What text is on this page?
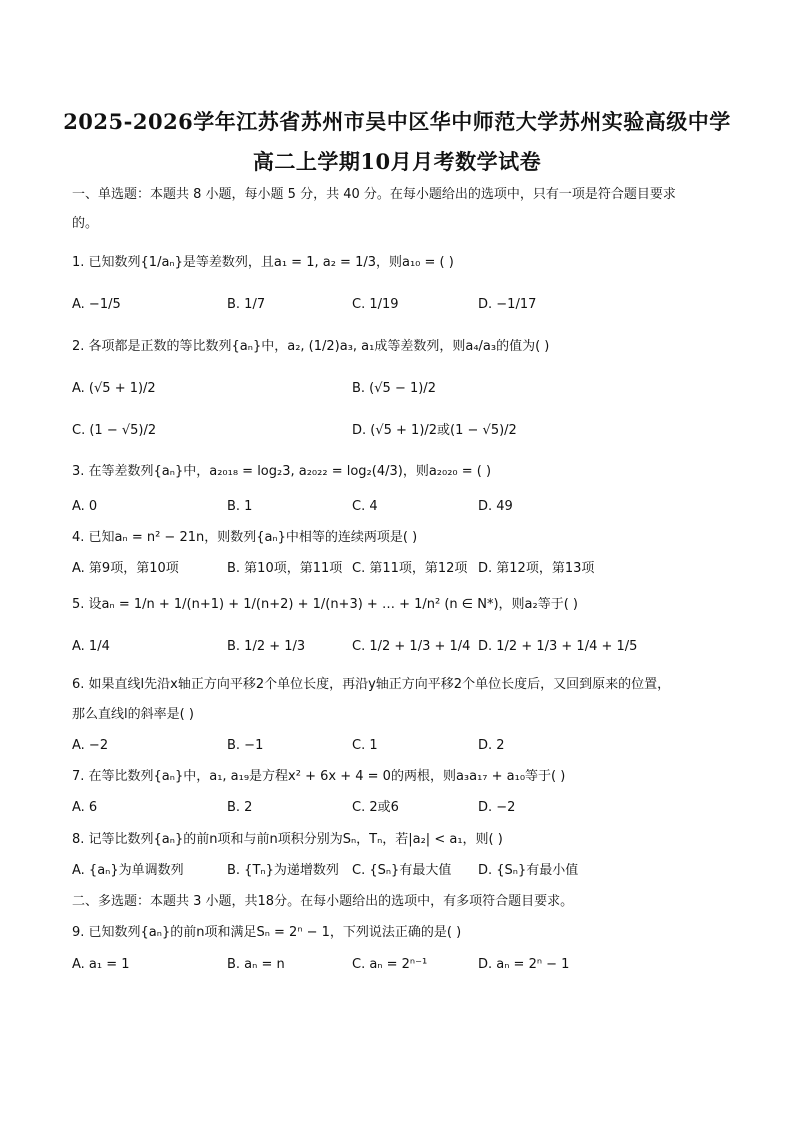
2025-2026学年江苏省苏州市吴中区华中师范大学苏州实验高级中学
高二上学期10月月考数学试卷
一、单选题：本题共 8 小题，每小题 5 分，共 40 分。在每小题给出的选项中，只有一项是符合题目要求
的。
1. 已知数列{1/aₙ}是等差数列，且a₁ = 1, a₂ = 1/3，则a₁₀ = ( )
A. −1/5	B. 1/7	C. 1/19	D. −1/17
2. 各项都是正数的等比数列{aₙ}中，a₂, (1/2)a₃, a₁成等差数列，则a₄/a₃的值为( )
A. (√5 + 1)/2	B. (√5 − 1)/2
C. (1 − √5)/2	D. (√5 + 1)/2或(1 − √5)/2
3. 在等差数列{aₙ}中，a₂₀₁₈ = log₂3, a₂₀₂₂ = log₂(4/3)，则a₂₀₂₀ = ( )
A. 0	B. 1	C. 4	D. 49
4. 已知aₙ = n² − 21n，则数列{aₙ}中相等的连续两项是( )
A. 第9项，第10项	B. 第10项，第11项 C. 第11项，第12项 D. 第12项，第13项
5. 设aₙ = 1/n + 1/(n+1) + 1/(n+2) + 1/(n+3) + … + 1/n² (n ∈ N*)，则a₂等于( )
A. 1/4	B. 1/2 + 1/3	C. 1/2 + 1/3 + 1/4 D. 1/2 + 1/3 + 1/4 + 1/5
6. 如果直线l先沿x轴正方向平移2个单位长度，再沿y轴正方向平移2个单位长度后，又回到原来的位置，
那么直线l的斜率是( )
A. −2	B. −1	C. 1	D. 2
7. 在等比数列{aₙ}中，a₁, a₁₉是方程x² + 6x + 4 = 0的两根，则a₃a₁₇ + a₁₀等于( )
A. 6	B. 2	C. 2或6	D. −2
8. 记等比数列{aₙ}的前n项和与前n项积分别为Sₙ，Tₙ，若|a₂| < a₁，则( )
A. {aₙ}为单调数列	B. {Tₙ}为递增数列 C. {Sₙ}有最大值 D. {Sₙ}有最小值
二、多选题：本题共 3 小题，共18分。在每小题给出的选项中，有多项符合题目要求。
9. 已知数列{aₙ}的前n项和满足Sₙ = 2ⁿ − 1，下列说法正确的是( )
A. a₁ = 1	B. aₙ = n	C. aₙ = 2ⁿ⁻¹	D. aₙ = 2ⁿ − 1
